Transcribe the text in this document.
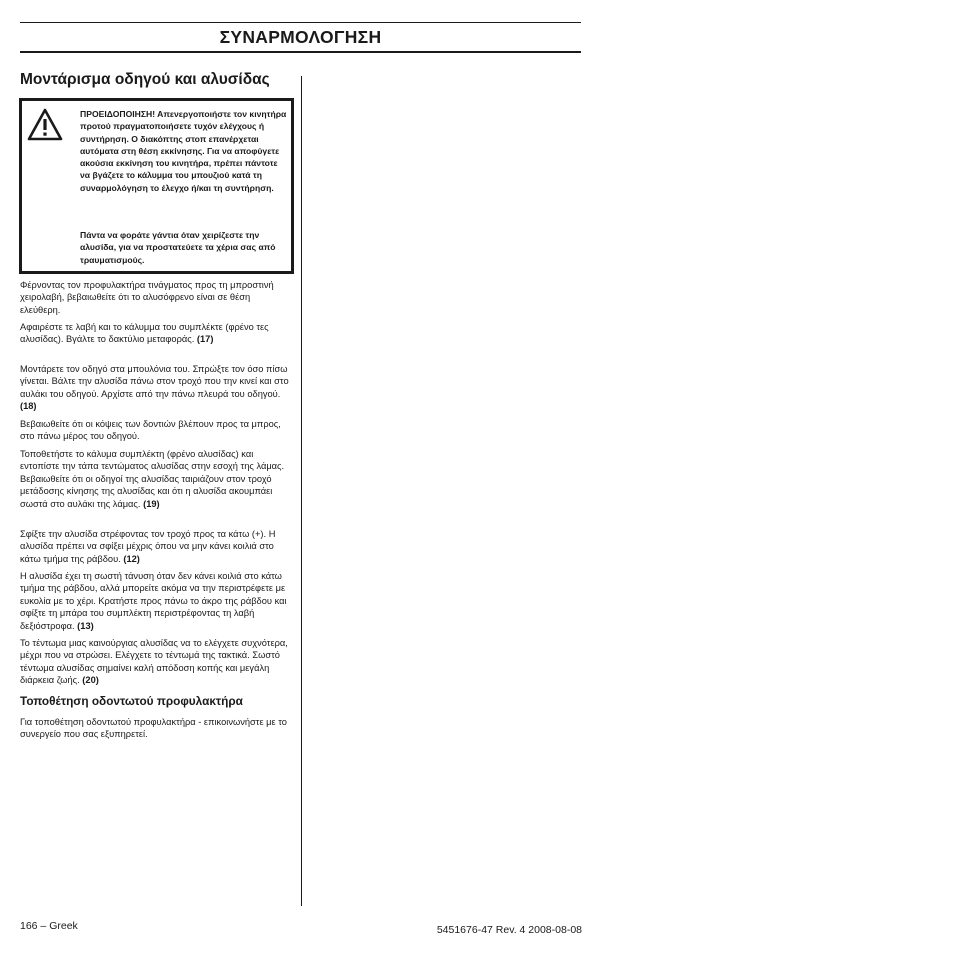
ΣΥΝΑΡΜΟΛΟΓΗΣΗ
Μοντάρισμα οδηγού και αλυσίδας
ΠΡΟΕΙΔΟΠΟΙΗΣΗ! Απενεργοποιήστε τον κινητήρα προτού πραγματοποιήσετε τυχόν ελέγχους ή συντήρηση. Ο διακόπτης στοπ επανέρχεται αυτόματα στη θέση εκκίνησης. Για να αποφύγετε ακούσια εκκίνηση του κινητήρα, πρέπει πάντοτε να βγάζετε το κάλυμμα του μπουζιού κατά τη συναρμολόγηση το έλεγχο ή/και τη συντήρηση.
Πάντα να φοράτε γάντια όταν χειρίζεστε την αλυσίδα, για να προστατεύετε τα χέρια σας από τραυματισμούς.

Φέρνοντας τον προφυλακτήρα τινάγματος προς τη μπροστινή χειρολαβή, βεβαιωθείτε ότι το αλυσόφρενο είναι σε θέση ελεύθερη.

Αφαιρέστε τε λαβή και το κάλυμμα του συμπλέκτε (φρένο τες αλυσίδας). Βγάλτε το δακτύλιο μεταφοράς. (17)

Μοντάρετε τον οδηγό στα μπουλόνια του. Σπρώξτε τον όσο πίσω γίνεται. Βάλτε την αλυσίδα πάνω στον τροχό που την κινεί και στο αυλάκι του οδηγού. Αρχίστε από την πάνω πλευρά του οδηγού. (18)

Βεβαιωθείτε ότι οι κόψεις των δοντιών βλέπουν προς τα μπρος, στο πάνω μέρος του οδηγού.

Τοποθετήστε το κάλυμα συμπλέκτη (φρένο αλυσίδας) και εντοπίστε την τάπα τεντώματος αλυσίδας στην εσοχή της λάμας. Βεβαιωθείτε ότι οι οδηγοί της αλυσίδας ταιριάζουν στον τροχό μετάδοσης κίνησης της αλυσίδας και ότι η αλυσίδα ακουμπάει σωστά στο αυλάκι της λάμας. (19)

Σφίξτε την αλυσίδα στρέφοντας τον τροχό προς τα κάτω (+). Η αλυσίδα πρέπει να σφίξει μέχρις όπου να μην κάνει κοιλιά στο κάτω τμήμα της ράβδου. (12)

Η αλυσίδα έχει τη σωστή τάνυση όταν δεν κάνει κοιλιά στο κάτω τμήμα της ράβδου, αλλά μπορείτε ακόμα να την περιστρέφετε με ευκολία με το χέρι. Κρατήστε προς πάνω το άκρο της ράβδου και σφίξτε τη μπάρα του συμπλέκτη περιστρέφοντας τη λαβή δεξιόστροφα. (13)

Το τέντωμα μιας καινούργιας αλυσίδας να το ελέγχετε συχνότερα, μέχρι που να στρώσει. Ελέγχετε το τέντωμά της τακτικά. Σωστό τέντωμα αλυσίδας σημαίνει καλή απόδοση κοπής και μεγάλη διάρκεια ζωής. (20)

Τοποθέτηση οδοντωτού προφυλακτήρα

Για τοποθέτηση οδοντωτού προφυλακτήρα - επικοινωνήστε με το συνεργείο που σας εξυπηρετεί.

166 – Greek	5451676-47 Rev. 4 2008-08-08
